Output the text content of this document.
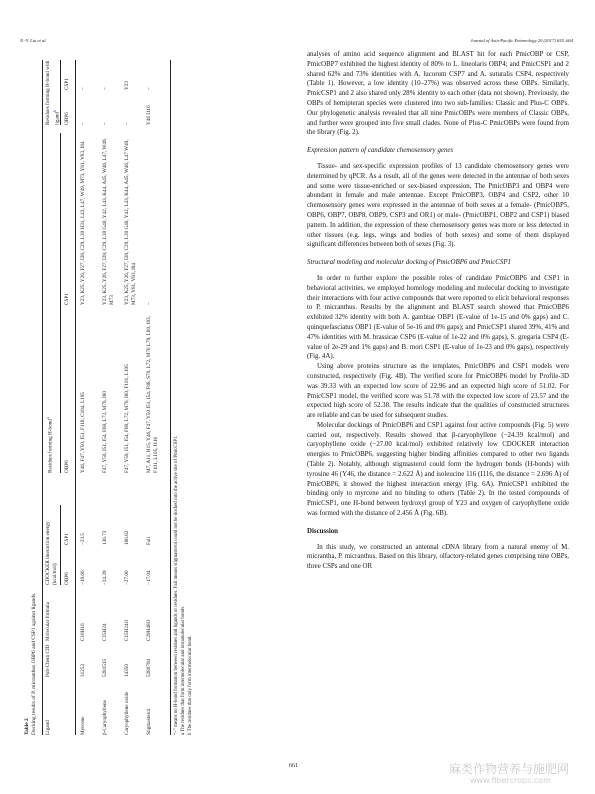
N.-Y. Liu et al.	Journal of Asia-Pacific Entomology 20 (2017) 655–664
Table 2 Docking results of P. micranthus OBP6 and CSP1 against ligands. Ligand
Pub-Chem CID
Molecular formula
CDOCKER interaction energy (kcal/mol)
Residues forming H-bond$^a$
Residues forming H-bond with ligand$^b$
OBP6
CSP1
OBP6
CSP1
OBP6
CSP1
Myrcene
31253
C10H16
−19.66
−23.5
Y46, F47, Y50, I51, F118, C104, L105
Y23, K25, Y26, F27, I28, C29, L30 H31, L43, L47, W49, M73, Y81, V83, I84
–
–
β-Caryophyllene
5281515
C15H24
−24.39
136.73
F47, Y50, I51, I54, F68, L72, M76, I80
Y23, K25, Y26, F27, I28, C29, L30 G40, Y42, L43, K44, A45, W46, L47, W49, M73
–
–
Caryophyllene oxide
14350
C15H24O
−27.00
186.82
F47, Y50, I51, I54, F68, L72, M76, I80, F101, L105
Y23, K25, Y26, F27, I28, C29, L30 G40, Y42, L43, K44, A45, W46, L47 W49, M73, Y81, V83, I84
–
Y23
Stigmasterol
5280794
C29H48O
−17.04
Fail
M7, A11, H15, Y46, F47, Y50 I51, I54, F68, S70, L72, M76 L79, L80, I83, F101, L105, I116
–
Y46 I116
–
“–” means no H-bond formation between residues and ligands or residues. Fail means stigmasterol could not be docked into the active site of PmicCSP1. a The residues that form intermolecular and intramolecular bonds. b The residues that only form intermolecular bond.

analyses of amino acid sequence alignment and BLAST hit for each PmicOBP or CSP, PmicOBP7 exhibited the highest identity of 80% to L. lineolaris OBP4; and PmicCSP1 and 2 shared 62% and 73% identities with A. lucorum CSP7 and A. suturalis CSP4, respectively (Table 1). However, a low identity (10–27%) was observed across these OBPs. Similarly, PmicCSP1 and 2 also shared only 28% identity to each other (data not shown). Previously, the OBPs of hemipteran species were clustered into two sub-families: Classic and Plus-C OBPs. Our phylogenetic analysis revealed that all nine PmicOBPs were members of Classic OBPs, and further were grouped into five small clades. None of Plus-C PmicOBPs were found from the library (Fig. 2).

Expression pattern of candidate chemosensory genes

Tissue- and sex-specific expression profiles of 13 candidate chemosensory genes were determined by qPCR. As a result, all of the genes were detected in the antennae of both sexes and some were tissue-enriched or sex-biased expression. The PmicOBP3 and OBP4 were abundant in female and male antennae. Except PmicOBP3, OBP4 and CSP2, other 10 chemosensory genes were expressed in the antennae of both sexes at a female- (PmicOBP5, OBP6, OBP7, OBP8, OBP9, CSP3 and OR1) or male- (PmicOBP1, OBP2 and CSP1) biased pattern. In addition, the expression of these chemosensory genes was more or less detected in other tissues (e.g. legs, wings and bodies of both sexes) and some of them displayed significant differences between both of sexes (Fig. 3).

Structural modeling and molecular docking of PmicOBP6 and PmicCSP1

In order to further explore the possible roles of candidate PmicOBP6 and CSP1 in behavioral activities, we employed homology modeling and molecular docking to investigate their interactions with four active compounds that were reported to elicit behavioral responses to P. micranthus. Results by the alignment and BLAST search showed that PmicOBP6 exhibited 32% identity with both A. gambiae OBP1 (E-value of 1e-15 and 0% gaps) and C. quinquefasciatus OBP1 (E-value of 5e-16 and 0% gaps); and PmicCSP1 shared 39%, 41% and 47% identities with M. brassicae CSP6 (E-value of 1e-22 and 0% gaps), S. gregaria CSP4 (E-value of 2e-29 and 1% gaps) and B. mori CSP1 (E-value of 1e-23 and 0% gaps), respectively (Fig. 4A).

Using above proteins structure as the templates, PmicOBP6 and CSP1 models were constructed, respectively (Fig. 4B). The verified score for PmicOBP6 model by Profile-3D was 39.33 with an expected low score of 22.96 and an expected high score of 51.02. For PmicCSP1 model, the verified score was 51.78 with the expected low score of 23.57 and the expected high score of 52.38. The results indicate that the qualities of constructed structures are reliable and can be used for subsequent studies.

Molecular dockings of PmicOBP6 and CSP1 against four active compounds (Fig. 5) were carried out, respectively. Results showed that β-caryophyllene (−24.39 kcal/mol) and caryophyllene oxide (−27.00 kcal/mol) exhibited relatively low CDOCKER interaction energies to PmicOBP6, suggesting higher binding affinities compared to other two ligands (Table 2). Notably, although stigmasterol could form the hydrogen bonds (H-bonds) with tyrosine 46 (Y46, the distance = 2.622 Å) and isoleucine 116 (I116, the distance = 2.696 Å) of PmicOBP6, it showed the highest interaction energy (Fig. 6A). PmicCSP1 exhibited the binding only to myrcene and no binding to others (Table 2). In the tested compounds of PmicCSP1, one H-bond between hydroxyl group of Y23 and oxygen of caryophyllene oxide was formed with the distance of 2.456 Å (Fig. 6B).

Discussion

In this study, we constructed an antennal cDNA library from a natural enemy of M. micrantha, P. micranthus. Based on this library, olfactory-related genes comprising nine OBPs, three CSPs and one OR

661	麻类作物营养与施肥网
www.fibercrops.com
